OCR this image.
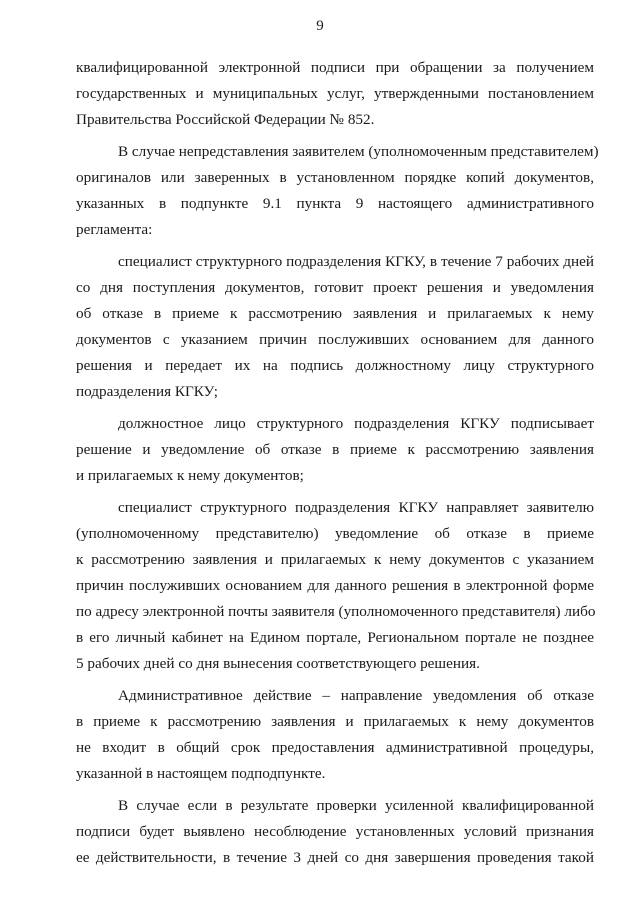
9
квалифицированной электронной подписи при обращении за получением
государственных и муниципальных услуг, утвержденными постановлением
Правительства Российской Федерации № 852.
В случае непредставления заявителем (уполномоченным представителем)
оригиналов или заверенных в установленном порядке копий документов,
указанных в подпункте 9.1 пункта 9 настоящего административного
регламента:
специалист структурного подразделения КГКУ, в течение 7 рабочих дней
со дня поступления документов, готовит проект решения и уведомления
об отказе в приеме к рассмотрению заявления и прилагаемых к нему
документов с указанием причин послуживших основанием для данного
решения и передает их на подпись должностному лицу структурного
подразделения КГКУ;
должностное лицо структурного подразделения КГКУ подписывает
решение и уведомление об отказе в приеме к рассмотрению заявления
и прилагаемых к нему документов;
специалист структурного подразделения КГКУ направляет заявителю
(уполномоченному представителю) уведомление об отказе в приеме
к рассмотрению заявления и прилагаемых к нему документов с указанием
причин послуживших основанием для данного решения в электронной форме
по адресу электронной почты заявителя (уполномоченного представителя) либо
в его личный кабинет на Едином портале, Региональном портале не позднее
5 рабочих дней со дня вынесения соответствующего решения.
Административное действие – направление уведомления об отказе
в приеме к рассмотрению заявления и прилагаемых к нему документов
не входит в общий срок предоставления административной процедуры,
указанной в настоящем подподпункте.
В случае если в результате проверки усиленной квалифицированной
подписи будет выявлено несоблюдение установленных условий признания
ее действительности, в течение 3 дней со дня завершения проведения такой
